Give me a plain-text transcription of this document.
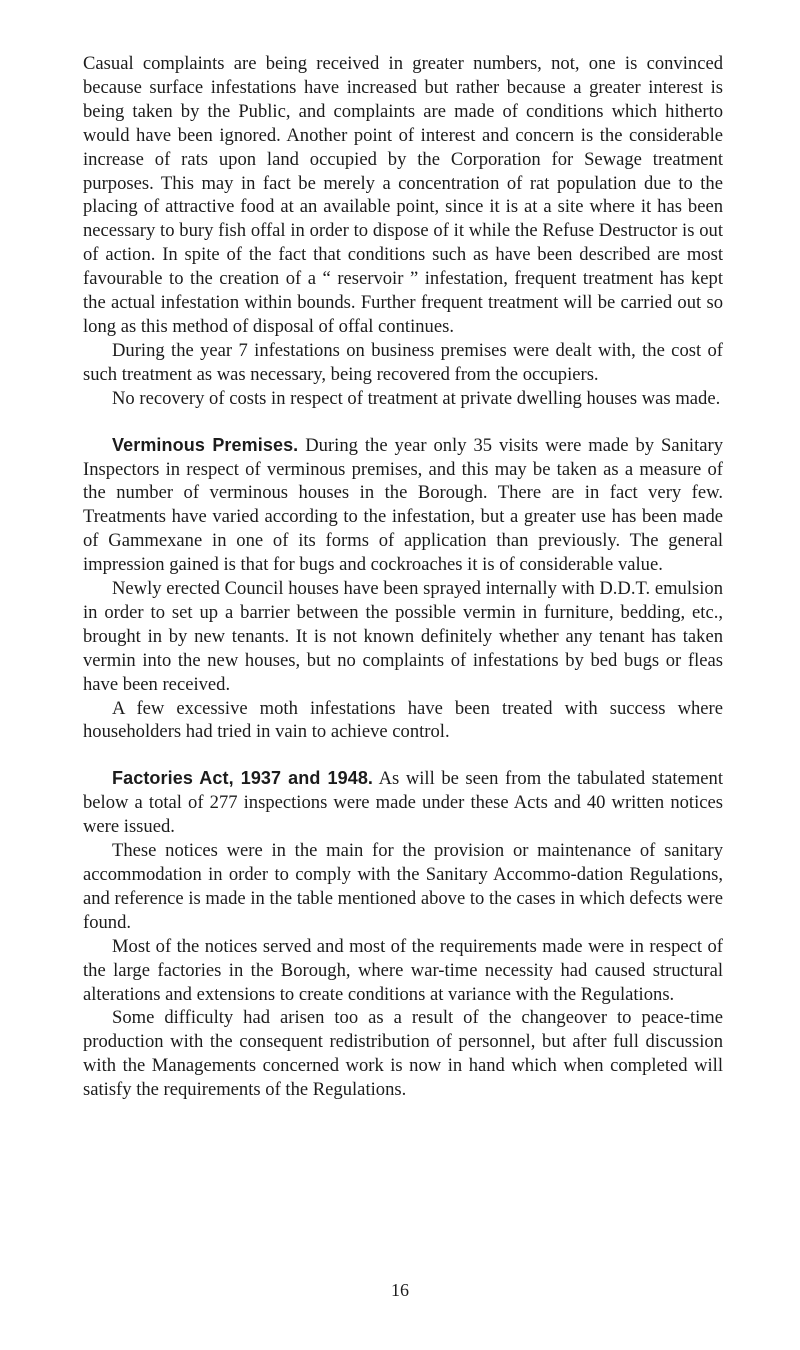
Casual complaints are being received in greater numbers, not, one is convinced because surface infestations have increased but rather because a greater interest is being taken by the Public, and complaints are made of conditions which hitherto would have been ignored. Another point of interest and concern is the considerable increase of rats upon land occupied by the Corporation for Sewage treatment purposes. This may in fact be merely a concentration of rat population due to the placing of attractive food at an available point, since it is at a site where it has been necessary to bury fish offal in order to dispose of it while the Refuse Destructor is out of action. In spite of the fact that conditions such as have been described are most favourable to the creation of a “ reservoir ” infestation, frequent treatment has kept the actual infestation within bounds. Further frequent treatment will be carried out so long as this method of disposal of offal continues.

During the year 7 infestations on business premises were dealt with, the cost of such treatment as was necessary, being recovered from the occupiers.

No recovery of costs in respect of treatment at private dwelling houses was made.

Verminous Premises. During the year only 35 visits were made by Sanitary Inspectors in respect of verminous premises, and this may be taken as a measure of the number of verminous houses in the Borough. There are in fact very few. Treatments have varied according to the infestation, but a greater use has been made of Gammexane in one of its forms of application than previously. The general impression gained is that for bugs and cockroaches it is of considerable value.

Newly erected Council houses have been sprayed internally with D.D.T. emulsion in order to set up a barrier between the possible vermin in furniture, bedding, etc., brought in by new tenants. It is not known definitely whether any tenant has taken vermin into the new houses, but no complaints of infestations by bed bugs or fleas have been received.

A few excessive moth infestations have been treated with success where householders had tried in vain to achieve control.

Factories Act, 1937 and 1948. As will be seen from the tabulated statement below a total of 277 inspections were made under these Acts and 40 written notices were issued.

These notices were in the main for the provision or maintenance of sanitary accommodation in order to comply with the Sanitary Accommo-dation Regulations, and reference is made in the table mentioned above to the cases in which defects were found.

Most of the notices served and most of the requirements made were in respect of the large factories in the Borough, where war-time necessity had caused structural alterations and extensions to create conditions at variance with the Regulations.

Some difficulty had arisen too as a result of the changeover to peace-time production with the consequent redistribution of personnel, but after full discussion with the Managements concerned work is now in hand which when completed will satisfy the requirements of the Regulations.

16
